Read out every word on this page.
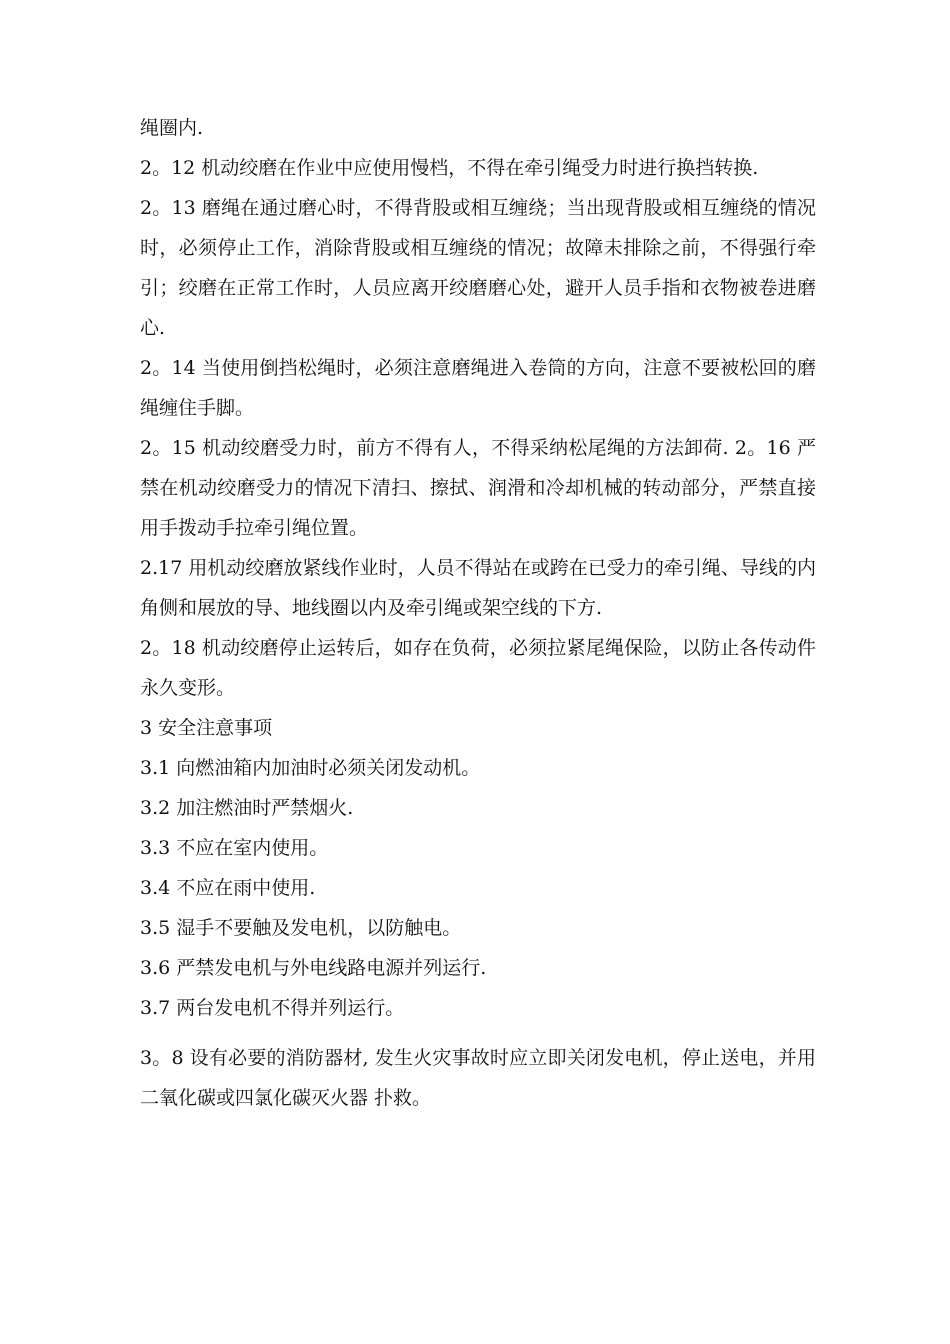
绳圈内.

2。12 机动绞磨在作业中应使用慢档，不得在牵引绳受力时进行换挡转换.

2。13 磨绳在通过磨心时，不得背股或相互缠绕；当出现背股或相互缠绕的情况时，必须停止工作，消除背股或相互缠绕的情况；故障未排除之前，不得强行牵引；绞磨在正常工作时，人员应离开绞磨磨心处，避开人员手指和衣物被卷进磨心.

2。14 当使用倒挡松绳时，必须注意磨绳进入卷筒的方向，注意不要被松回的磨绳缠住手脚。

2。15 机动绞磨受力时，前方不得有人，不得采纳松尾绳的方法卸荷. 2。16 严禁在机动绞磨受力的情况下清扫、擦拭、润滑和冷却机械的转动部分，严禁直接用手拨动手拉牵引绳位置。

2.17 用机动绞磨放紧线作业时，人员不得站在或跨在已受力的牵引绳、导线的内角侧和展放的导、地线圈以内及牵引绳或架空线的下方.

2。18 机动绞磨停止运转后，如存在负荷，必须拉紧尾绳保险，以防止各传动件永久变形。

3 安全注意事项

3.1 向燃油箱内加油时必须关闭发动机。

3.2 加注燃油时严禁烟火.

3.3 不应在室内使用。

3.4 不应在雨中使用.

3.5 湿手不要触及发电机，以防触电。

3.6 严禁发电机与外电线路电源并列运行.

3.7 两台发电机不得并列运行。

3。8 设有必要的消防器材, 发生火灾事故时应立即关闭发电机，停止送电，并用二氧化碳或四氯化碳灭火器 扑救。
